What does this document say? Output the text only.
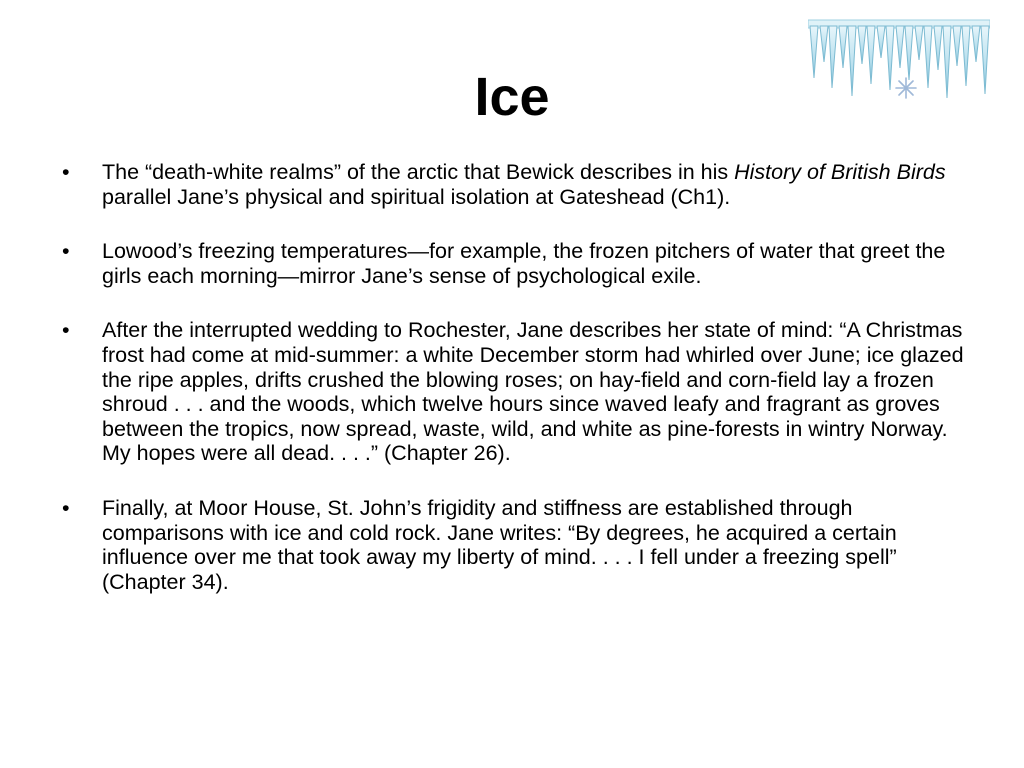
Ice
• The “death-white realms” of the arctic that Bewick describes in his History of British Birds parallel Jane’s physical and spiritual isolation at Gateshead (Ch1).
• Lowood’s freezing temperatures—for example, the frozen pitchers of water that greet the girls each morning—mirror Jane’s sense of psychological exile.
• After the interrupted wedding to Rochester, Jane describes her state of mind: “A Christmas frost had come at mid-summer: a white December storm had whirled over June; ice glazed the ripe apples, drifts crushed the blowing roses; on hay-field and corn-field lay a frozen shroud . . . and the woods, which twelve hours since waved leafy and fragrant as groves between the tropics, now spread, waste, wild, and white as pine-forests in wintry Norway. My hopes were all dead. . . .” (Chapter 26).
• Finally, at Moor House, St. John’s frigidity and stiffness are established through comparisons with ice and cold rock. Jane writes: “By degrees, he acquired a certain influence over me that took away my liberty of mind. . . . I fell under a freezing spell” (Chapter 34).
